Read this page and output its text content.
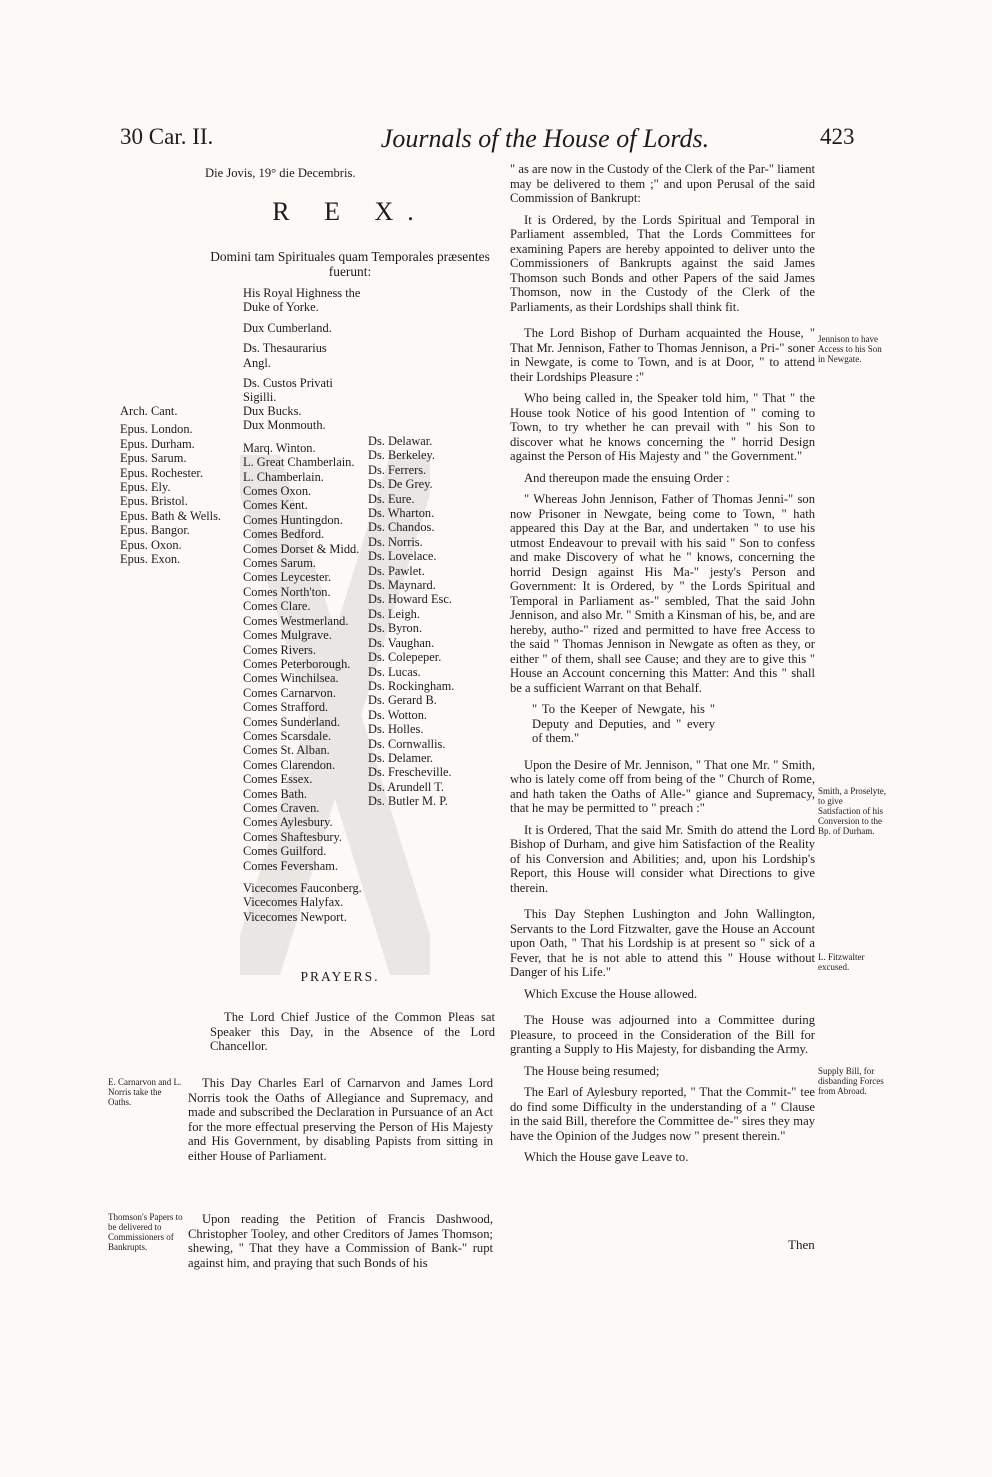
30 Car. II.	Journals of the House of Lords.	423
Die Jovis, 19° die Decembris.
R E X.
Domini tam Spirituales quam Temporales præsentes fuerunt:
His Royal Highness the Duke of Yorke.
Dux Cumberland.
Ds. Thesaurarius Angl.
Ds. Custos Privati Sigilli.
Arch. Cant.
Epus. London.
Epus. Durham.
Epus. Sarum.
Epus. Rochester.
Epus. Ely.
Epus. Bristol.
Epus. Bath & Wells.
Epus. Bangor.
Epus. Oxon.
Epus. Exon.
Dux Bucks.
Dux Monmouth.
Marq. Winton.
L. Great Chamberlain.
L. Chamberlain.
Comes Oxon.
Comes Kent.
Comes Huntingdon.
Comes Bedford.
Comes Dorset & Midd.
Comes Sarum.
Comes Leycester.
Comes North'ton.
Comes Clare.
Comes Westmerland.
Comes Mulgrave.
Comes Rivers.
Comes Peterborough.
Comes Winchilsea.
Comes Carnarvon.
Comes Strafford.
Comes Sunderland.
Comes Scarsdale.
Comes St. Alban.
Comes Clarendon.
Comes Essex.
Comes Bath.
Comes Craven.
Comes Aylesbury.
Comes Shaftesbury.
Comes Guilford.
Comes Feversham.
Vicecomes Fauconberg.
Vicecomes Halyfax.
Vicecomes Newport.
Ds. Delawar.
Ds. Berkeley.
Ds. Ferrers.
Ds. De Grey.
Ds. Eure.
Ds. Wharton.
Ds. Chandos.
Ds. Norris.
Ds. Lovelace.
Ds. Pawlet.
Ds. Maynard.
Ds. Howard Esc.
Ds. Leigh.
Ds. Byron.
Ds. Vaughan.
Ds. Colepeper.
Ds. Lucas.
Ds. Rockingham.
Ds. Gerard B.
Ds. Wotton.
Ds. Holles.
Ds. Cornwallis.
Ds. Delamer.
Ds. Frescheville.
Ds. Arundell T.
Ds. Butler M. P.
PRAYERS.

The Lord Chief Justice of the Common Pleas sat Speaker this Day, in the Absence of the Lord Chancellor.

E. Carnarvon and L. Norris take the Oaths.

This Day Charles Earl of Carnarvon and James Lord Norris took the Oaths of Allegiance and Supremacy, and made and subscribed the Declaration in Pursuance of an Act for the more effectual preserving the Person of His Majesty and His Government, by disabling Papists from sitting in either House of Parliament.

Thomson's Papers to be delivered to Commissioners of Bankrupts.

Upon reading the Petition of Francis Dashwood, Christopher Tooley, and other Creditors of James Thomson; shewing, " That they have a Commission of Bank-" rupt against him, and praying that such Bonds of his

" as are now in the Custody of the Clerk of the Par-" liament may be delivered to them ;" and upon Perusal of the said Commission of Bankrupt:

It is Ordered, by the Lords Spiritual and Temporal in Parliament assembled, That the Lords Committees for examining Papers are hereby appointed to deliver unto the Commissioners of Bankrupts against the said James Thomson such Bonds and other Papers of the said James Thomson, now in the Custody of the Clerk of the Parliaments, as their Lordships shall think fit.

The Lord Bishop of Durham acquainted the House, " That Mr. Jennison, Father to Thomas Jennison, a Pri-" soner in Newgate, is come to Town, and is at Door, " to attend their Lordships Pleasure :"

Who being called in, the Speaker told him, " That " the House took Notice of his good Intention of " coming to Town, to try whether he can prevail with " his Son to discover what he knows concerning the " horrid Design against the Person of His Majesty and " the Government."

And thereupon made the ensuing Order :

" Whereas John Jennison, Father of Thomas Jenni-" son now Prisoner in Newgate, being come to Town, " hath appeared this Day at the Bar, and undertaken " to use his utmost Endeavour to prevail with his said " Son to confess and make Discovery of what he " knows, concerning the horrid Design against His Ma-" jesty's Person and Government: It is Ordered, by " the Lords Spiritual and Temporal in Parliament as-" sembled, That the said John Jennison, and also Mr. " Smith a Kinsman of his, be, and are hereby, autho-" rized and permitted to have free Access to the said " Thomas Jennison in Newgate as often as they, or either " of them, shall see Cause; and they are to give this " House an Account concerning this Matter: And this " shall be a sufficient Warrant on that Behalf.

" To the Keeper of Newgate, his " Deputy and Deputies, and " every of them."

Upon the Desire of Mr. Jennison, " That one Mr. " Smith, who is lately come off from being of the " Church of Rome, and hath taken the Oaths of Alle-" giance and Supremacy, that he may be permitted to " preach :"

It is Ordered, That the said Mr. Smith do attend the Lord Bishop of Durham, and give him Satisfaction of the Reality of his Conversion and Abilities; and, upon his Lordship's Report, this House will consider what Directions to give therein.

This Day Stephen Lushington and John Wallington, Servants to the Lord Fitzwalter, gave the House an Account upon Oath, " That his Lordship is at present so " sick of a Fever, that he is not able to attend this " House without Danger of his Life."

Which Excuse the House allowed.

The House was adjourned into a Committee during Pleasure, to proceed in the Consideration of the Bill for granting a Supply to His Majesty, for disbanding the Army.

The House being resumed;

The Earl of Aylesbury reported, " That the Commit-" tee do find some Difficulty in the understanding of a " Clause in the said Bill, therefore the Committee de-" sires they may have the Opinion of the Judges now " present therein."

Which the House gave Leave to.

Jennison to have Access to his Son in Newgate.
Smith, a Proselyte, to give Satisfaction of his Conversion to the Bp. of Durham.
L. Fitzwalter excused.
Supply Bill, for disbanding Forces from Abroad.
Then
